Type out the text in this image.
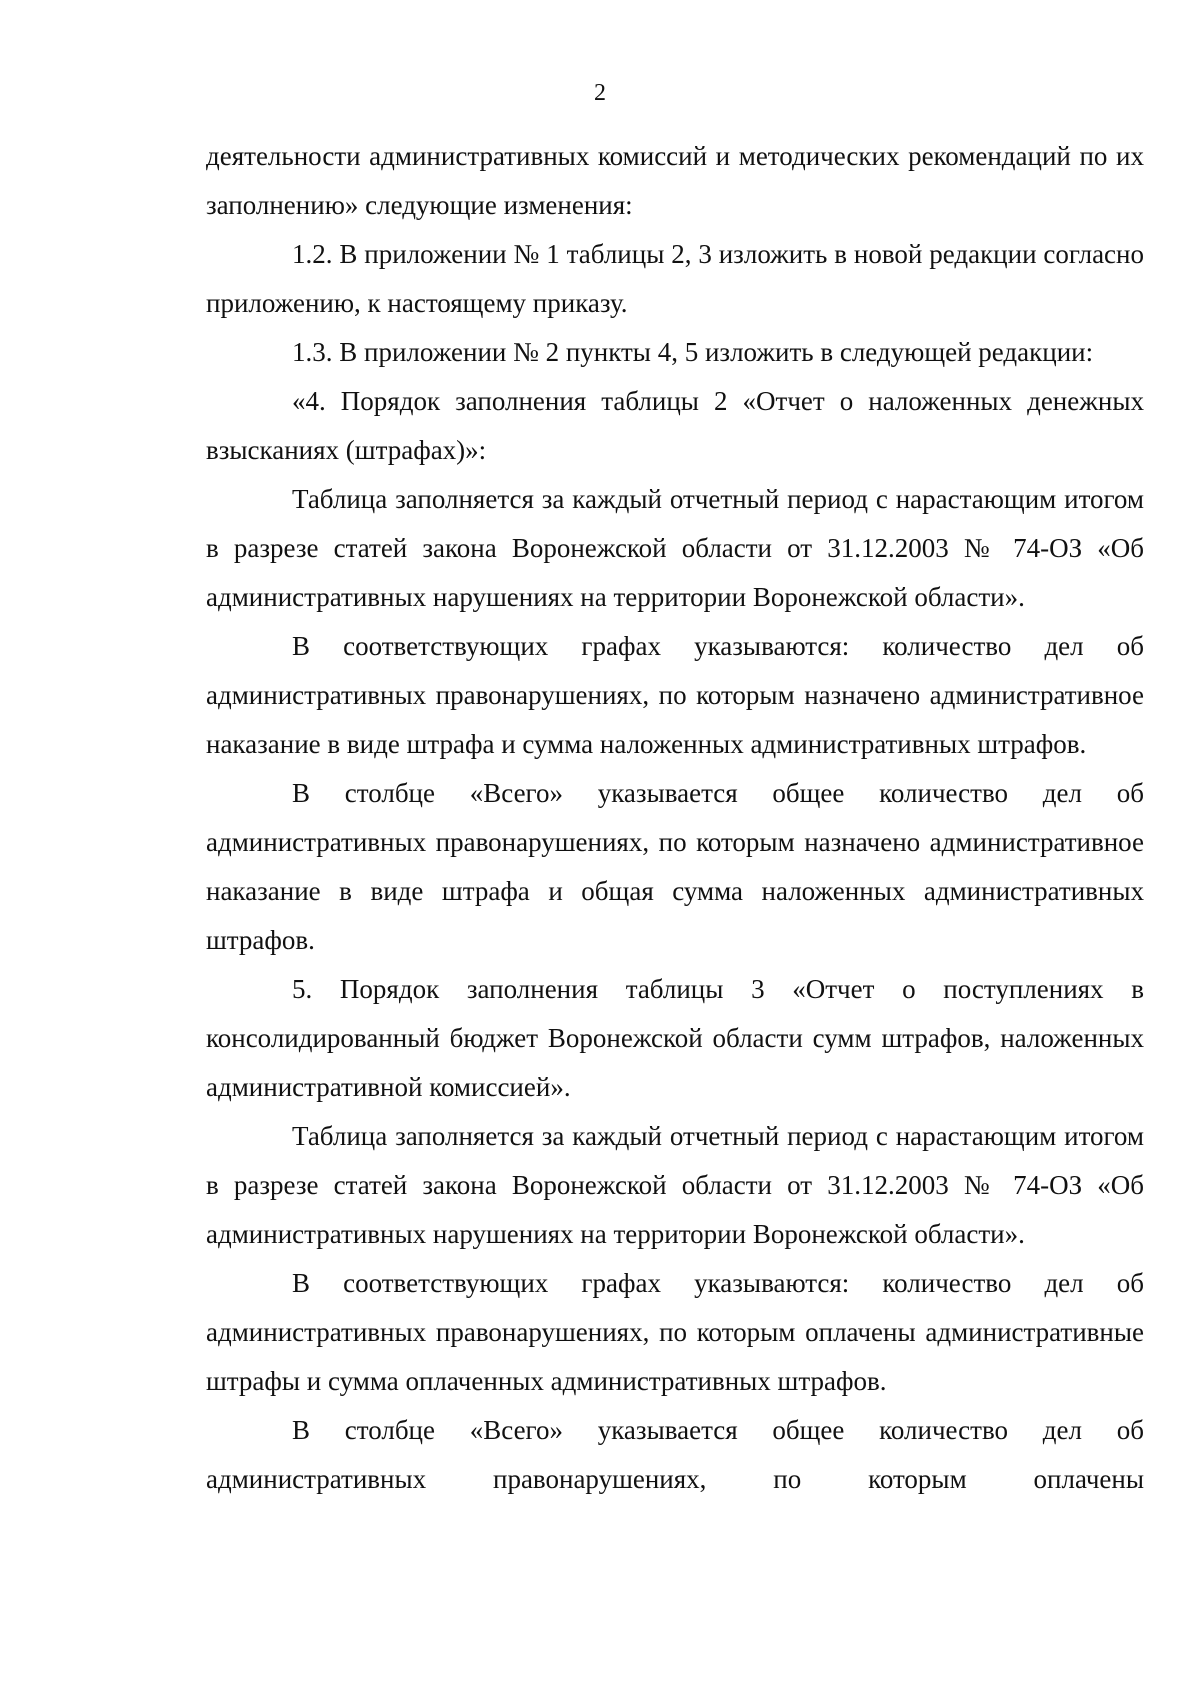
2

деятельности административных комиссий и методических рекомендаций по их заполнению» следующие изменения:

1.2. В приложении № 1 таблицы 2, 3 изложить в новой редакции согласно приложению, к настоящему приказу.

1.3. В приложении № 2 пункты 4, 5 изложить в следующей редакции:

«4. Порядок заполнения таблицы 2 «Отчет о наложенных денежных взысканиях (штрафах)»:

Таблица заполняется за каждый отчетный период с нарастающим итогом в разрезе статей закона Воронежской области от 31.12.2003 № 74-ОЗ «Об административных нарушениях на территории Воронежской области».

В соответствующих графах указываются: количество дел об административных правонарушениях, по которым назначено административное наказание в виде штрафа и сумма наложенных административных штрафов.

В столбце «Всего» указывается общее количество дел об административных правонарушениях, по которым назначено административное наказание в виде штрафа и общая сумма наложенных административных штрафов.

5. Порядок заполнения таблицы 3 «Отчет о поступлениях в консолидированный бюджет Воронежской области сумм штрафов, наложенных административной комиссией».

Таблица заполняется за каждый отчетный период с нарастающим итогом в разрезе статей закона Воронежской области от 31.12.2003 № 74-ОЗ «Об административных нарушениях на территории Воронежской области».

В соответствующих графах указываются: количество дел об административных правонарушениях, по которым оплачены административные штрафы и сумма оплаченных административных штрафов.

В столбце «Всего» указывается общее количество дел об административных правонарушениях, по которым оплачены
